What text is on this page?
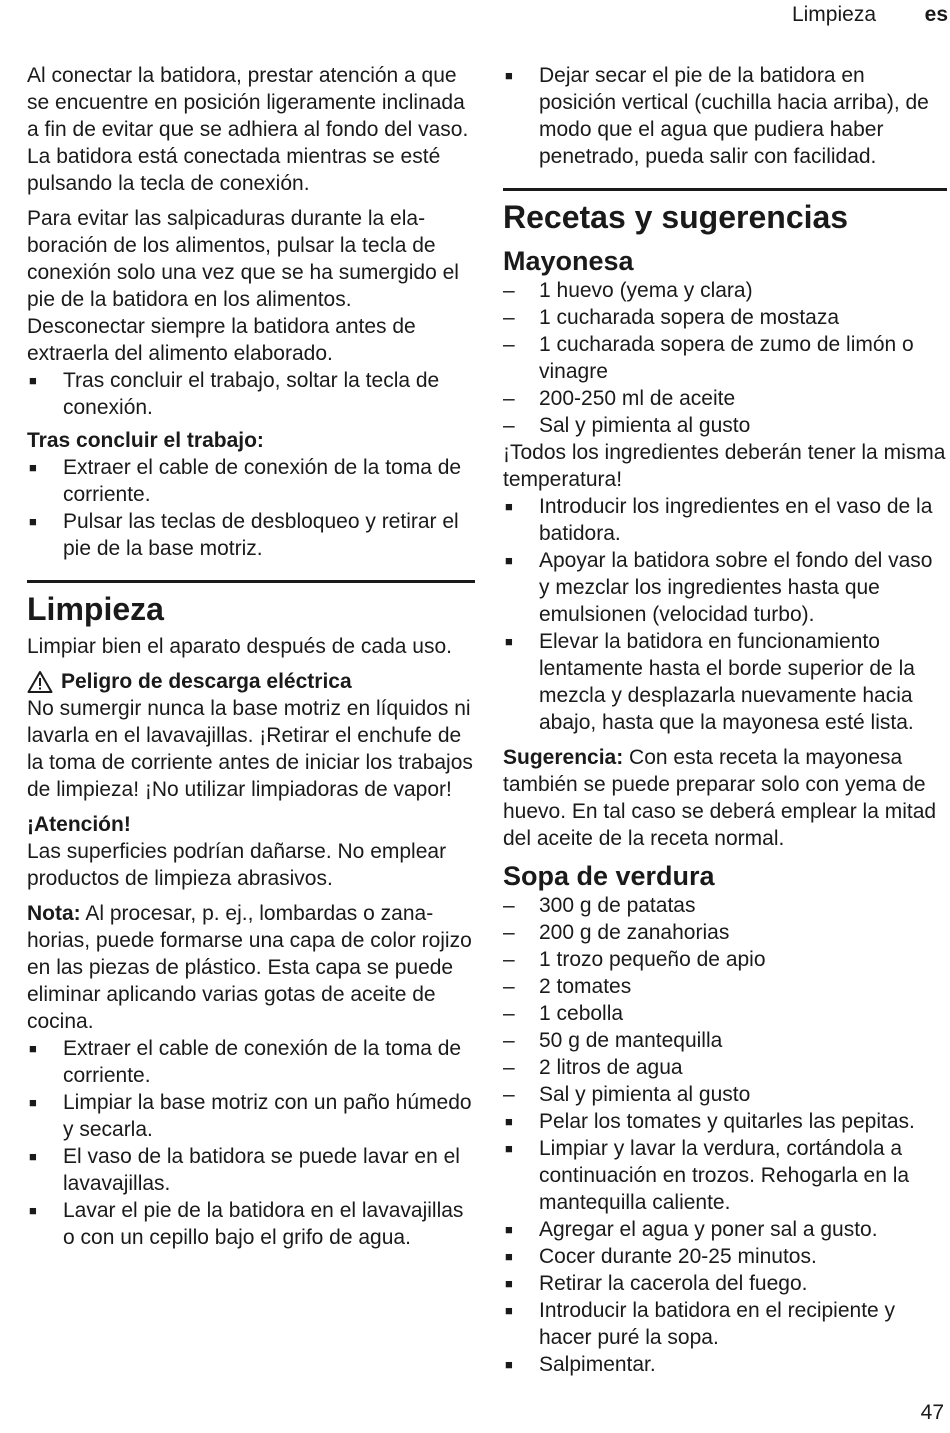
Limpieza es

Al conectar la batidora, prestar atención a que se encuentre en posición ligeramente inclinada a fin de evitar que se adhiera al fondo del vaso. La batidora está conectada mientras se esté pulsando la tecla de conexión.

Para evitar las salpicaduras durante la elaboración de los alimentos, pulsar la tecla de conexión solo una vez que se ha sumergido el pie de la batidora en los alimentos. Desconectar siempre la batidora antes de extraerla del alimento elaborado.

■ Tras concluir el trabajo, soltar la tecla de conexión.
Tras concluir el trabajo:
■ Extraer el cable de conexión de la toma de corriente.
■ Pulsar las teclas de desbloqueo y retirar el pie de la base motriz.
Limpieza

Limpiar bien el aparato después de cada uso.

Peligro de descarga eléctrica

No sumergir nunca la base motriz en líquidos ni lavarla en el lavavajillas. ¡Retirar el enchufe de la toma de corriente antes de iniciar los trabajos de limpieza! ¡No utilizar limpiadoras de vapor!

¡Atención!

Las superficies podrían dañarse. No emplear productos de limpieza abrasivos.

Nota: Al procesar, p. ej., lombardas o zanahorias, puede formarse una capa de color rojizo en las piezas de plástico. Esta capa se puede eliminar aplicando varias gotas de aceite de cocina.

■ Extraer el cable de conexión de la toma de corriente.
■ Limpiar la base motriz con un paño húmedo y secarla.
■ El vaso de la batidora se puede lavar en el lavavajillas.
■ Lavar el pie de la batidora en el lavavajillas o con un cepillo bajo el grifo de agua.
■ Dejar secar el pie de la batidora en posición vertical (cuchilla hacia arriba), de modo que el agua que pudiera haber penetrado, pueda salir con facilidad.
Recetas y sugerencias
Mayonesa
– 1 huevo (yema y clara)
– 1 cucharada sopera de mostaza
– 1 cucharada sopera de zumo de limón o vinagre
– 200-250 ml de aceite
– Sal y pimienta al gusto
¡Todos los ingredientes deberán tener la misma temperatura!
■ Introducir los ingredientes en el vaso de la batidora.
■ Apoyar la batidora sobre el fondo del vaso y mezclar los ingredientes hasta que emulsionen (velocidad turbo).
■ Elevar la batidora en funcionamiento lentamente hasta el borde superior de la mezcla y desplazarla nuevamente hacia abajo, hasta que la mayonesa esté lista.

Sugerencia: Con esta receta la mayonesa también se puede preparar solo con yema de huevo. En tal caso se deberá emplear la mitad del aceite de la receta normal.

Sopa de verdura
– 300 g de patatas
– 200 g de zanahorias
– 1 trozo pequeño de apio
– 2 tomates
– 1 cebolla
– 50 g de mantequilla
– 2 litros de agua
– Sal y pimienta al gusto
■ Pelar los tomates y quitarles las pepitas.
■ Limpiar y lavar la verdura, cortándola a continuación en trozos. Rehogarla en la mantequilla caliente.
■ Agregar el agua y poner sal a gusto.
■ Cocer durante 20-25 minutos.
■ Retirar la cacerola del fuego.
■ Introducir la batidora en el recipiente y hacer puré la sopa.
■ Salpimentar.
47
